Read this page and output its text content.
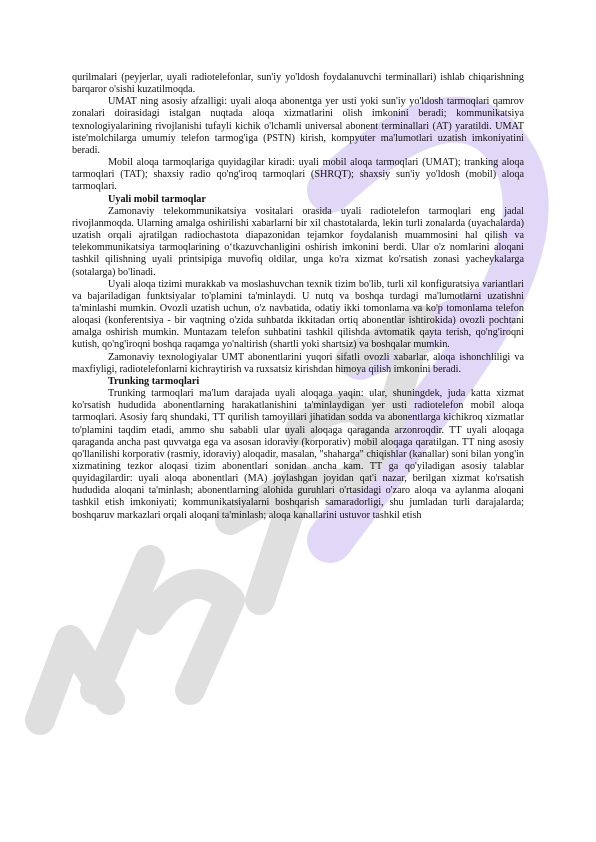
qurilmalari (peyjerlar, uyali radiotelefonlar, sun'iy yo'ldosh foydalanuvchi terminallari) ishlab chiqarishning barqaror o'sishi kuzatilmoqda.

UMAT ning asosiy afzalligi: uyali aloqa abonentga yer usti yoki sun'iy yo'ldosh tarmoqlari qamrov zonalari doirasidagi istalgan nuqtada aloqa xizmatlarini olish imkonini beradi; kommunikatsiya texnologiyalarining rivojlanishi tufayli kichik o'lchamli universal abonent terminallari (AT) yaratildi. UMAT iste'molchilarga umumiy telefon tarmog'iga (PSTN) kirish, kompyuter ma'lumotlari uzatish imkoniyatini beradi.

Mobil aloqa tarmoqlariga quyidagilar kiradi: uyali mobil aloqa tarmoqlari (UMAT); tranking aloqa tarmoqlari (TAT); shaxsiy radio qo'ng'iroq tarmoqlari (SHRQT); shaxsiy sun'iy yo'ldosh (mobil) aloqa tarmoqlari.

Uyali mobil tarmoqlar

Zamonaviy telekommunikatsiya vositalari orasida uyali radiotelefon tarmoqlari eng jadal rivojlanmoqda. Ularning amalga oshirilishi xabarlarni bir xil chastotalarda, lekin turli zonalarda (uyachalarda) uzatish orqali ajratilgan radiochastota diapazonidan tejamkor foydalanish muammosini hal qilish va telekommunikatsiya tarmoqlarining o‘tkazuvchanligini oshirish imkonini berdi. Ular o'z nomlarini aloqani tashkil qilishning uyali printsipiga muvofiq oldilar, unga ko'ra xizmat ko'rsatish zonasi yacheykalarga (sotalarga) bo'linadi.

Uyali aloqa tizimi murakkab va moslashuvchan texnik tizim bo'lib, turli xil konfiguratsiya variantlari va bajariladigan funktsiyalar to'plamini ta'minlaydi. U nutq va boshqa turdagi ma'lumotlarni uzatishni ta'minlashi mumkin. Ovozli uzatish uchun, o'z navbatida, odatiy ikki tomonlama va ko'p tomonlama telefon aloqasi (konferentsiya - bir vaqtning o'zida suhbatda ikkitadan ortiq abonentlar ishtirokida) ovozli pochtani amalga oshirish mumkin. Muntazam telefon suhbatini tashkil qilishda avtomatik qayta terish, qo'ng'iroqni kutish, qo'ng'iroqni boshqa raqamga yo'naltirish (shartli yoki shartsiz) va boshqalar mumkin.

Zamonaviy texnologiyalar UMT abonentlarini yuqori sifatli ovozli xabarlar, aloqa ishonchliligi va maxfiyligi, radiotelefonlarni kichraytirish va ruxsatsiz kirishdan himoya qilish imkonini beradi.

Trunking tarmoqlari

Trunking tarmoqlari ma'lum darajada uyali aloqaga yaqin: ular, shuningdek, juda katta xizmat ko'rsatish hududida abonentlarning harakatlanishini ta'minlaydigan yer usti radiotelefon mobil aloqa tarmoqlari. Asosiy farq shundaki, TT qurilish tamoyillari jihatidan sodda va abonentlarga kichikroq xizmatlar to'plamini taqdim etadi, ammo shu sababli ular uyali aloqaga qaraganda arzonroqdir. TT uyali aloqaga qaraganda ancha past quvvatga ega va asosan idoraviy (korporativ) mobil aloqaga qaratilgan. TT ning asosiy qo'llanilishi korporativ (rasmiy, idoraviy) aloqadir, masalan, "shaharga" chiqishlar (kanallar) soni bilan yong'in xizmatining tezkor aloqasi tizim abonentlari sonidan ancha kam. TT ga qo'yiladigan asosiy talablar quyidagilardir: uyali aloqa abonentlari (MA) joylashgan joyidan qat'i nazar, berilgan xizmat ko'rsatish hududida aloqani ta'minlash; abonentlarning alohida guruhlari o'rtasidagi o'zaro aloqa va aylanma aloqani tashkil etish imkoniyati; kommunikatsiyalarni boshqarish samaradorligi, shu jumladan turli darajalarda; boshqaruv markazlari orqali aloqani ta'minlash; aloqa kanallarini ustuvor tashkil etish
